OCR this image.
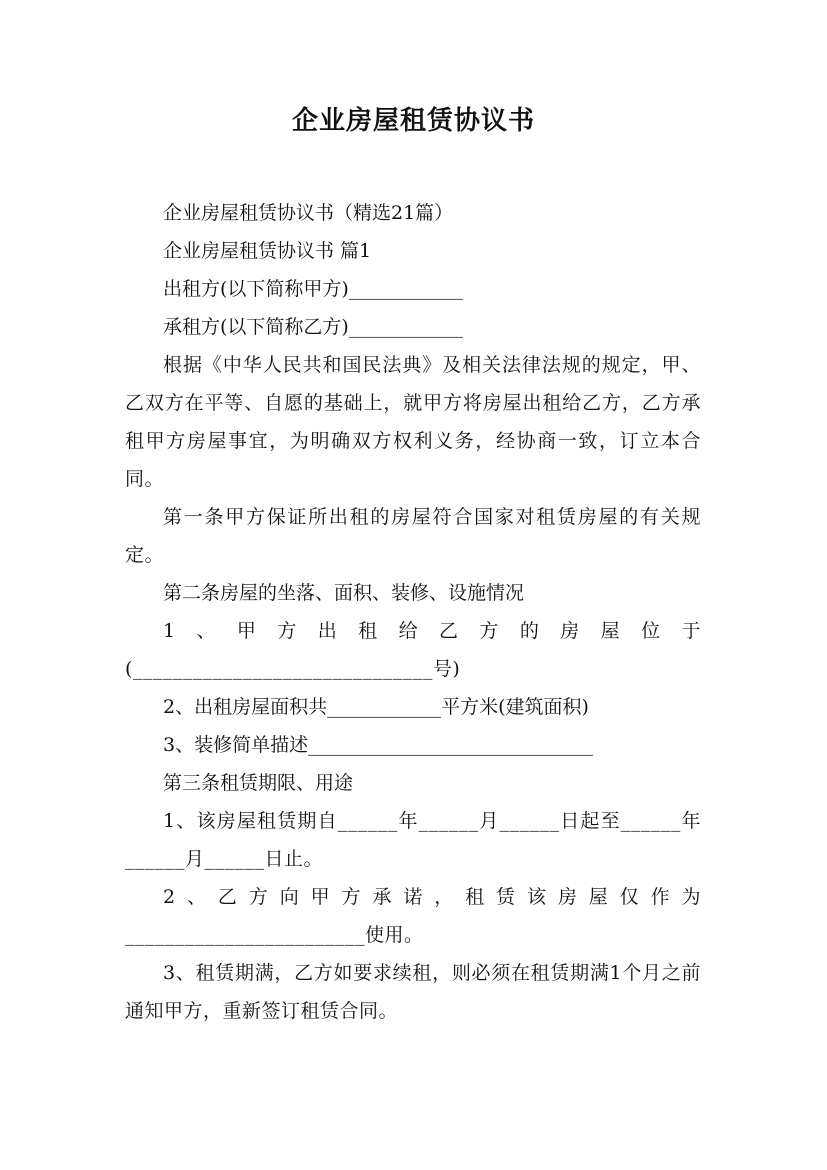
企业房屋租赁协议书

企业房屋租赁协议书（精选21篇）

企业房屋租赁协议书 篇1

出租方(以下简称甲方)____________

承租方(以下简称乙方)____________

根据《中华人民共和国民法典》及相关法律法规的规定，甲、乙双方在平等、自愿的基础上，就甲方将房屋出租给乙方，乙方承租甲方房屋事宜，为明确双方权利义务，经协商一致，订立本合同。

第一条甲方保证所出租的房屋符合国家对租赁房屋的有关规定。

第二条房屋的坐落、面积、装修、设施情况

1、甲方出租给乙方的房屋位于(______________________________号)

2、出租房屋面积共____________平方米(建筑面积)

3、装修简单描述______________________________

第三条租赁期限、用途

1、该房屋租赁期自______年______月______日起至______年______月______日止。

2、乙方向甲方承诺，租赁该房屋仅作为________________________使用。

3、租赁期满，乙方如要求续租，则必须在租赁期满1个月之前通知甲方，重新签订租赁合同。
